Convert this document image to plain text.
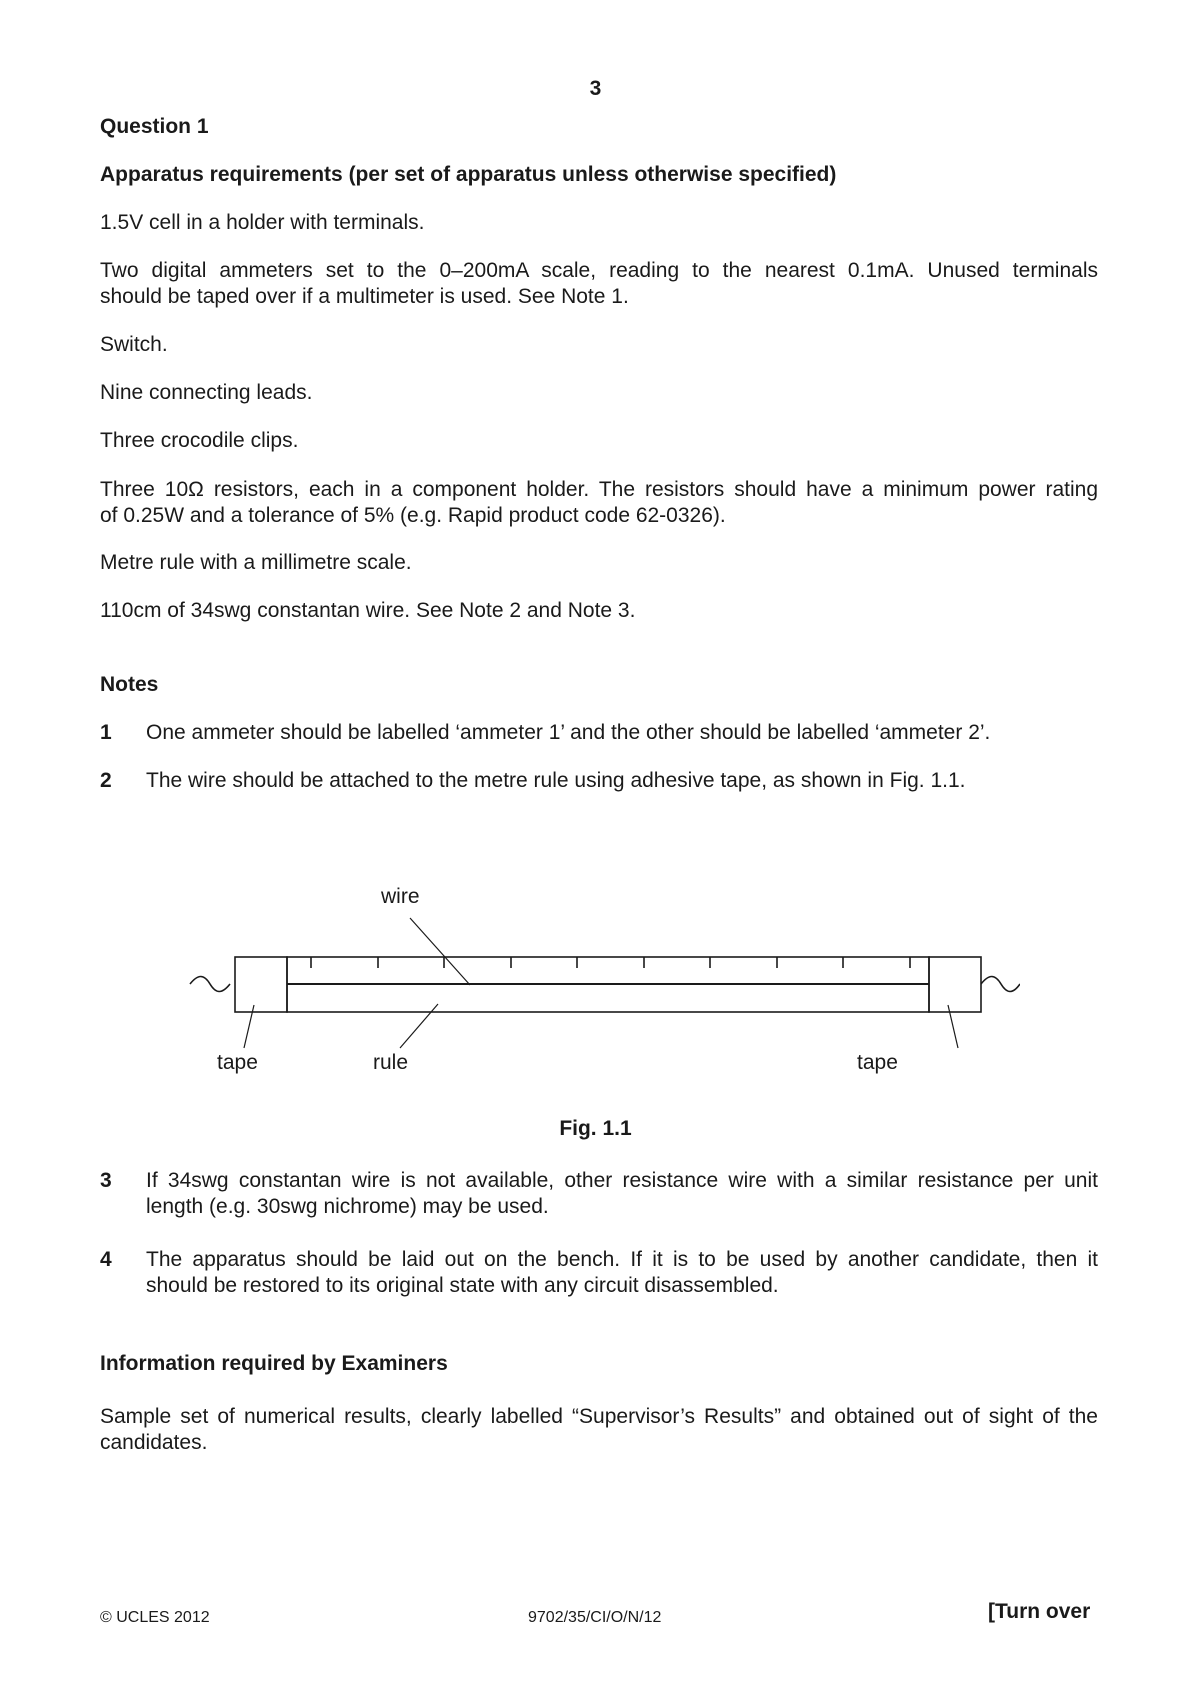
3
Question 1
Apparatus requirements (per set of apparatus unless otherwise specified)
1.5V cell in a holder with terminals.
Two digital ammeters set to the 0–200mA scale, reading to the nearest 0.1mA. Unused terminals
should be taped over if a multimeter is used. See Note 1.
Switch.
Nine connecting leads.
Three crocodile clips.
Three 10Ω resistors, each in a component holder. The resistors should have a minimum power rating
of 0.25W and a tolerance of 5% (e.g. Rapid product code 62-0326).
Metre rule with a millimetre scale.
110cm of 34swg constantan wire. See Note 2 and Note 3.
Notes
1 One ammeter should be labelled ‘ammeter 1’ and the other should be labelled ‘ammeter 2’.
2 The wire should be attached to the metre rule using adhesive tape, as shown in Fig. 1.1.
wire
tape	rule	tape
Fig. 1.1
3 If 34swg constantan wire is not available, other resistance wire with a similar resistance per unit
length (e.g. 30swg nichrome) may be used.
4 The apparatus should be laid out on the bench. If it is to be used by another candidate, then it
should be restored to its original state with any circuit disassembled.
Information required by Examiners
Sample set of numerical results, clearly labelled “Supervisor’s Results” and obtained out of sight of the
candidates.
© UCLES 2012	9702/35/CI/O/N/12	[Turn over
